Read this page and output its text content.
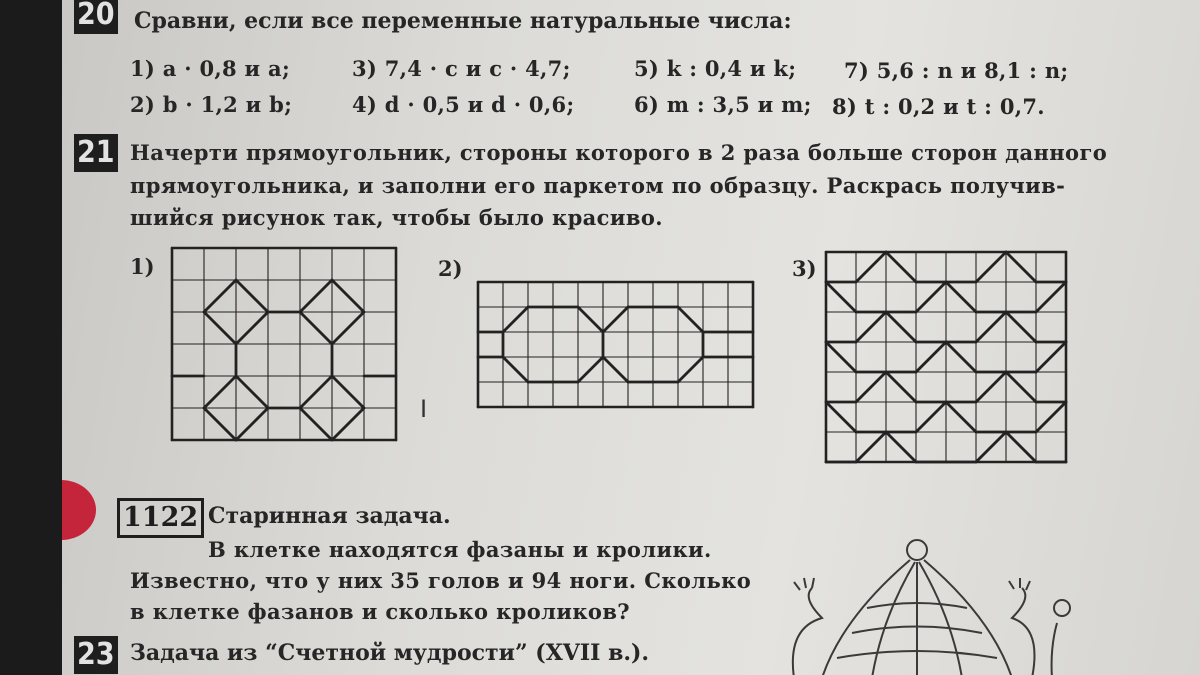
20 Сравни, если все переменные натуральные числа:
1) a · 0,8 и a;	3) 7,4 · c и c · 4,7;	5) k : 0,4 и k; 7) 5,6 : n и 8,1 : n;
2) b · 1,2 и b;	4) d · 0,5 и d · 0,6;	6) m : 3,5 и m; 8) t : 0,2 и t : 0,7.
21 Начерти прямоугольник, стороны которого в 2 раза больше сторон данного
прямоугольника, и заполни его паркетом по образцу. Раскрась получив-
шийся рисунок так, чтобы было красиво.
1)	2)	3)
I
1122 Старинная задача.
В клетке находятся фазаны и кролики.
Известно, что у них 35 голов и 94 ноги. Сколько
в клетке фазанов и сколько кроликов?
23 Задача из “Счетной мудрости” (XVII в.).
